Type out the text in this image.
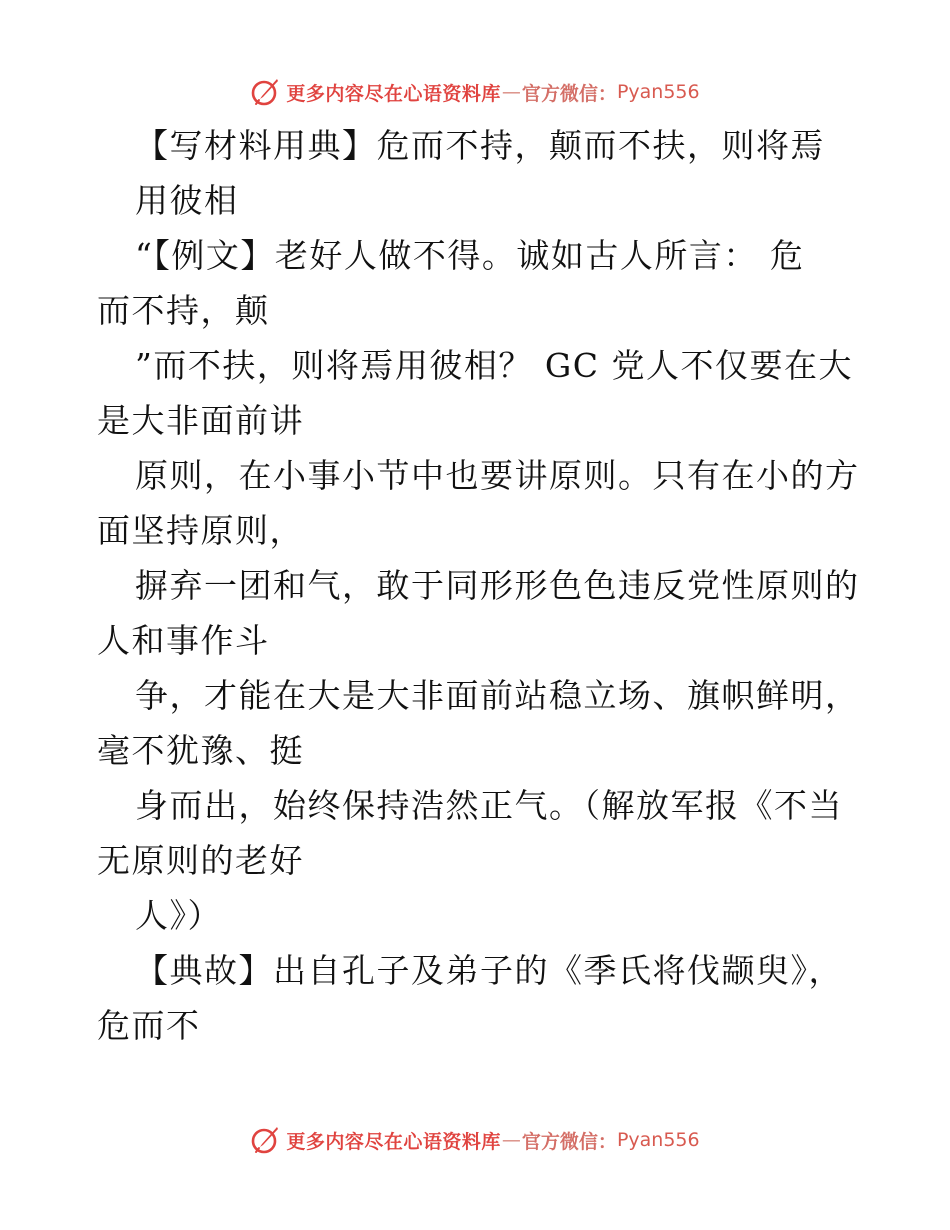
更多内容尽在心语资料库 — 官方微信： Pyan556
【写材料用典】危而不持，颠而不扶，则将焉
用彼相
“【例文】老好人做不得。诚如古人所言： 危
而不持，颠
”而不扶，则将焉用彼相？ GC 党人不仅要在大
是大非面前讲
原则，在小事小节中也要讲原则。只有在小的方
面坚持原则，
摒弃一团和气，敢于同形形色色违反党性原则的
人和事作斗
争，才能在大是大非面前站稳立场、旗帜鲜明，
毫不犹豫、挺
身而出，始终保持浩然正气。（解放军报《不当
无原则的老好
人》）
【典故】出自孔子及弟子的《季氏将伐颛臾》，
危而不
更多内容尽在心语资料库 — 官方微信： Pyan556
